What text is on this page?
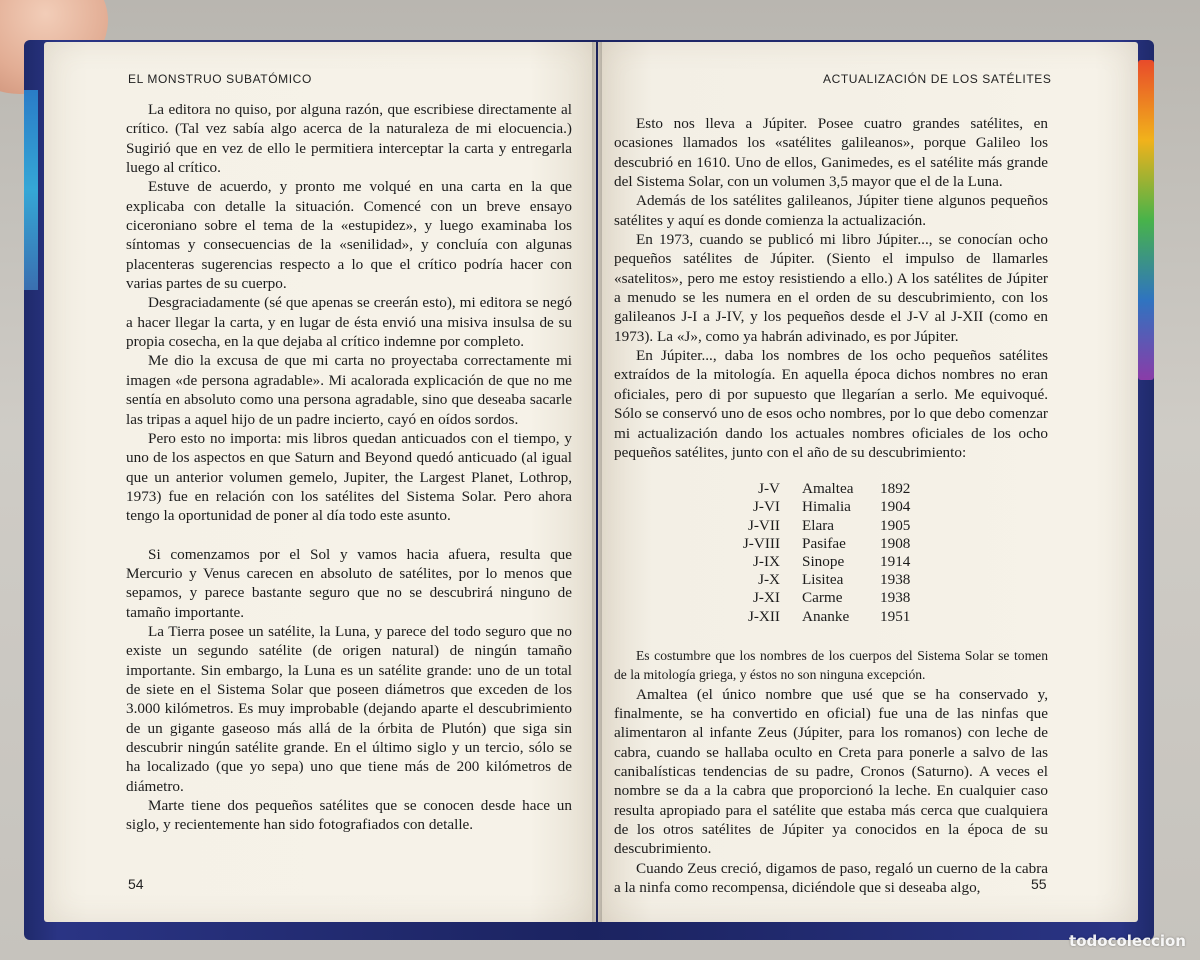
EL MONSTRUO SUBATÓMICO	ACTUALIZACIÓN DE LOS SATÉLITES

La editora no quiso, por alguna razón, que escribiese directamente al crítico. (Tal vez sabía algo acerca de la naturaleza de mi elocuencia.) Sugirió que en vez de ello le permitiera interceptar la carta y entregarla luego al crítico.

Estuve de acuerdo, y pronto me volqué en una carta en la que explicaba con detalle la situación. Comencé con un breve ensayo ciceroniano sobre el tema de la «estupidez», y luego examinaba los síntomas y consecuencias de la «senilidad», y concluía con algunas placenteras sugerencias respecto a lo que el crítico podría hacer con varias partes de su cuerpo.

Desgraciadamente (sé que apenas se creerán esto), mi editora se negó a hacer llegar la carta, y en lugar de ésta envió una misiva insulsa de su propia cosecha, en la que dejaba al crítico indemne por completo.

Me dio la excusa de que mi carta no proyectaba correctamente mi imagen «de persona agradable». Mi acalorada explicación de que no me sentía en absoluto como una persona agradable, sino que deseaba sacarle las tripas a aquel hijo de un padre incierto, cayó en oídos sordos.

Pero esto no importa: mis libros quedan anticuados con el tiempo, y uno de los aspectos en que Saturn and Beyond quedó anticuado (al igual que un anterior volumen gemelo, Jupiter, the Largest Planet, Lothrop, 1973) fue en relación con los satélites del Sistema Solar. Pero ahora tengo la oportunidad de poner al día todo este asunto.

Si comenzamos por el Sol y vamos hacia afuera, resulta que Mercurio y Venus carecen en absoluto de satélites, por lo menos que sepamos, y parece bastante seguro que no se descubrirá ninguno de tamaño importante.

La Tierra posee un satélite, la Luna, y parece del todo seguro que no existe un segundo satélite (de origen natural) de ningún tamaño importante. Sin embargo, la Luna es un satélite grande: uno de un total de siete en el Sistema Solar que poseen diámetros que exceden de los 3.000 kilómetros. Es muy improbable (dejando aparte el descubrimiento de un gigante gaseoso más allá de la órbita de Plutón) que siga sin descubrir ningún satélite grande. En el último siglo y un tercio, sólo se ha localizado (que yo sepa) uno que tiene más de 200 kilómetros de diámetro.

Marte tiene dos pequeños satélites que se conocen desde hace un siglo, y recientemente han sido fotografiados con detalle.

Esto nos lleva a Júpiter. Posee cuatro grandes satélites, en ocasiones llamados los «satélites galileanos», porque Galileo los descubrió en 1610. Uno de ellos, Ganimedes, es el satélite más grande del Sistema Solar, con un volumen 3,5 mayor que el de la Luna.

Además de los satélites galileanos, Júpiter tiene algunos pequeños satélites y aquí es donde comienza la actualización.

En 1973, cuando se publicó mi libro Júpiter..., se conocían ocho pequeños satélites de Júpiter. (Siento el impulso de llamarles «satelitos», pero me estoy resistiendo a ello.) A los satélites de Júpiter a menudo se les numera en el orden de su descubrimiento, con los galileanos J-I a J-IV, y los pequeños desde el J-V al J-XII (como en 1973). La «J», como ya habrán adivinado, es por Júpiter.

En Júpiter..., daba los nombres de los ocho pequeños satélites extraídos de la mitología. En aquella época dichos nombres no eran oficiales, pero di por supuesto que llegarían a serlo. Me equivoqué. Sólo se conservó uno de esos ocho nombres, por lo que debo comenzar mi actualización dando los actuales nombres oficiales de los ocho pequeños satélites, junto con el año de su descubrimiento:

J-V	Amaltea	1892
J-VI	Himalia	1904
J-VII	Elara	1905
J-VIII	Pasifae	1908
J-IX	Sinope	1914
J-X	Lisitea	1938
J-XI	Carme	1938
J-XII	Ananke	1951

Es costumbre que los nombres de los cuerpos del Sistema Solar se tomen de la mitología griega, y éstos no son ninguna excepción.

Amaltea (el único nombre que usé que se ha conservado y, finalmente, se ha convertido en oficial) fue una de las ninfas que alimentaron al infante Zeus (Júpiter, para los romanos) con leche de cabra, cuando se hallaba oculto en Creta para ponerle a salvo de las canibalísticas tendencias de su padre, Cronos (Saturno). A veces el nombre se da a la cabra que proporcionó la leche. En cualquier caso resulta apropiado para el satélite que estaba más cerca que cualquiera de los otros satélites de Júpiter ya conocidos en la época de su descubrimiento.

Cuando Zeus creció, digamos de paso, regaló un cuerno de la cabra a la ninfa como recompensa, diciéndole que si deseaba algo,

54	55
todocoleccion
